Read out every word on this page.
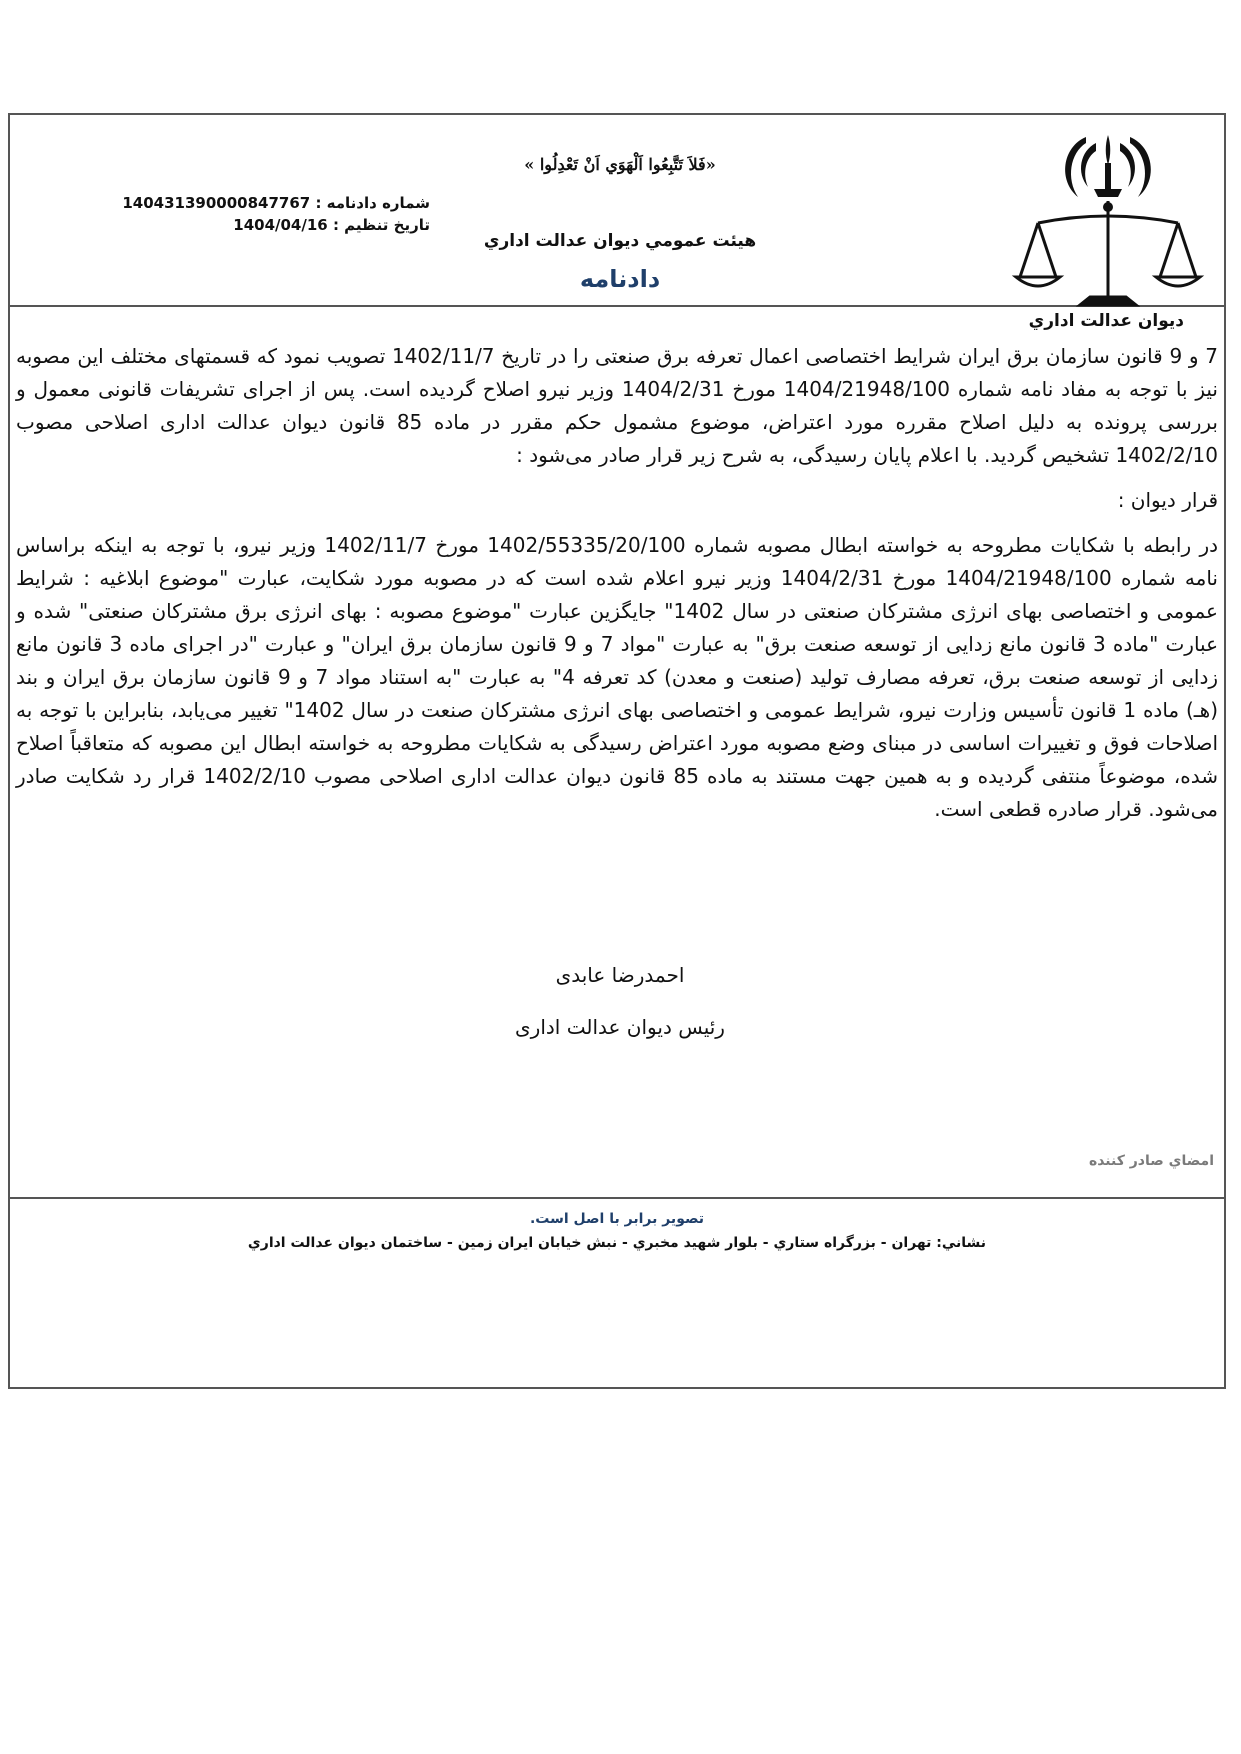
ديوان عدالت اداري
«فَلاَ تَتَّبِعُوا اَلْهَوَي اَنْ تَعْدِلُوا »
هيئت عمومي ديوان عدالت اداري
دادنامه
شماره دادنامه : 140431390000847767
تاريخ تنظيم : 1404/04/16

7 و 9 قانون سازمان برق ایران شرایط اختصاصی اعمال تعرفه برق صنعتی را در تاریخ 1402/11/7 تصویب نمود که قسمتهای مختلف این مصوبه نیز با توجه به مفاد نامه شماره 1404/21948/100 مورخ 1404/2/31 وزیر نیرو اصلاح گردیده است. پس از اجرای تشریفات قانونی معمول و بررسی پرونده به دلیل اصلاح مقرره مورد اعتراض، موضوع مشمول حکم مقرر در ماده 85 قانون دیوان عدالت اداری اصلاحی مصوب 1402/2/10 تشخیص گردید. با اعلام پایان رسیدگی، به شرح زیر قرار صادر می‌شود :

قرار دیوان :

در رابطه با شکایات مطروحه به خواسته ابطال مصوبه شماره 1402/55335/20/100 مورخ 1402/11/7 وزیر نیرو، با توجه به اینکه براساس نامه شماره 1404/21948/100 مورخ 1404/2/31 وزیر نیرو اعلام شده است که در مصوبه مورد شکایت، عبارت "موضوع ابلاغیه : شرایط عمومی و اختصاصی بهای انرژی مشترکان صنعتی در سال 1402" جایگزین عبارت "موضوع مصوبه : بهای انرژی برق مشترکان صنعتی" شده و عبارت "ماده 3 قانون مانع زدایی از توسعه صنعت برق" به عبارت "مواد 7 و 9 قانون سازمان برق ایران" و عبارت "در اجرای ماده 3 قانون مانع زدایی از توسعه صنعت برق، تعرفه مصارف تولید (صنعت و معدن) کد تعرفه 4" به عبارت "به استناد مواد 7 و 9 قانون سازمان برق ایران و بند (هـ) ماده 1 قانون تأسیس وزارت نیرو، شرایط عمومی و اختصاصی بهای انرژی مشترکان صنعت در سال 1402" تغییر می‌یابد، بنابراین با توجه به اصلاحات فوق و تغییرات اساسی در مبنای وضع مصوبه مورد اعتراض رسیدگی به شکایات مطروحه به خواسته ابطال این مصوبه که متعاقباً اصلاح شده، موضوعاً منتفی گردیده و به همین جهت مستند به ماده 85 قانون دیوان عدالت اداری اصلاحی مصوب 1402/2/10 قرار رد شکایت صادر می‌شود. قرار صادره قطعی است.

احمدرضا عابدی
رئیس دیوان عدالت اداری
امضاي صادر كننده
تصوير برابر با اصل است.
نشاني: تهران - بزرگراه ستاري - بلوار شهيد مخبري - نبش خيابان ايران زمين - ساختمان ديوان عدالت اداري
